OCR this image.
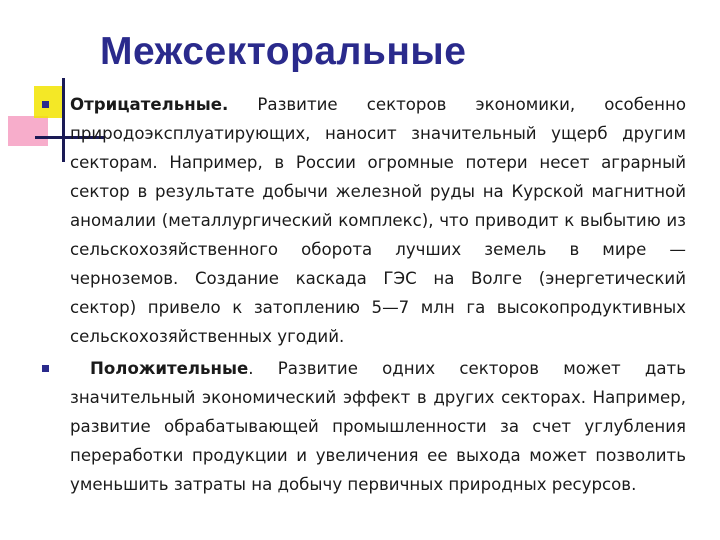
Межсекторальные

Отрицательные. Развитие секторов экономики, особенно природоэксплуатирующих, наносит значительный ущерб другим секторам. Например, в России огромные потери несет аграрный сектор в результате добычи железной руды на Курской магнитной аномалии (металлургический комплекс), что приводит к выбытию из сельскохозяйственного оборота лучших земель в мире — черноземов. Создание каскада ГЭС на Волге (энергетический сектор) привело к затоплению 5—7 млн га высокопродуктивных сельскохозяйственных угодий.

Положительные. Развитие одних секторов может дать значительный экономический эффект в других секторах. Например, развитие обрабатывающей промышленности за счет углубления переработки продукции и увеличения ее выхода может позволить уменьшить затраты на добычу первичных природных ресурсов.
